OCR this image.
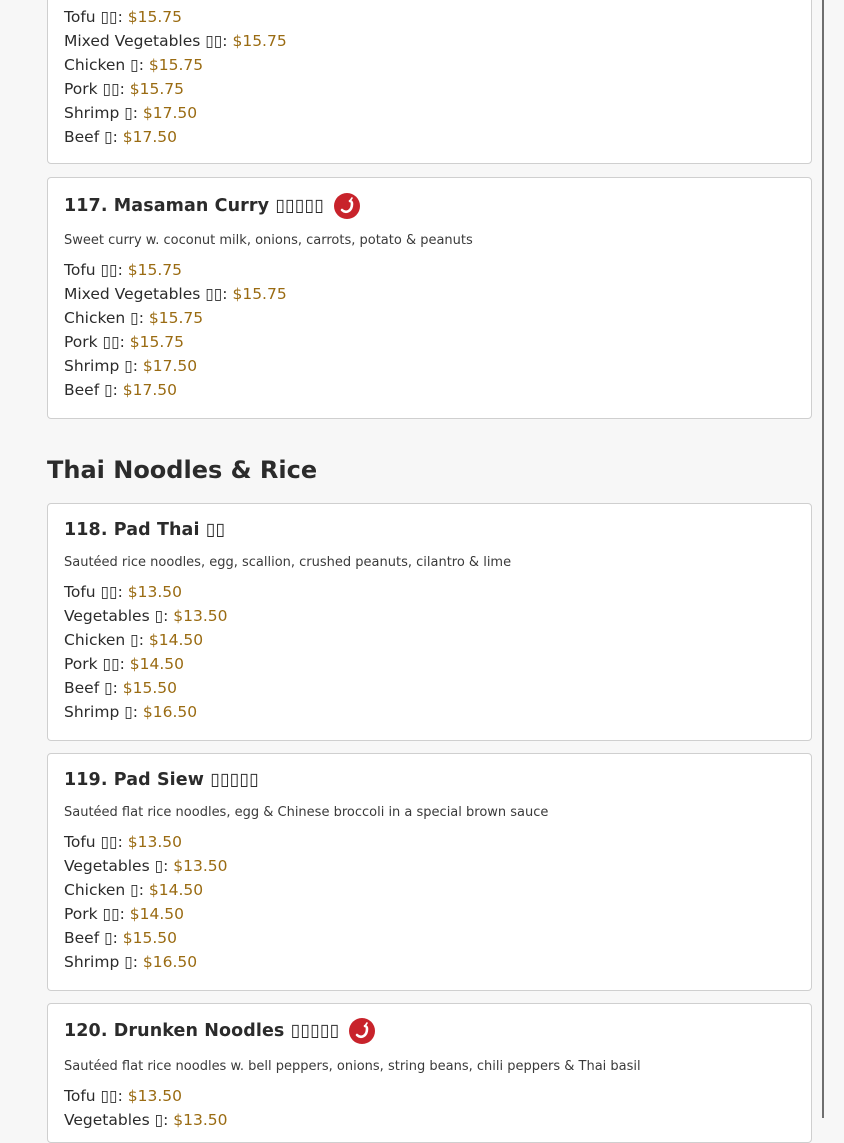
Tofu ▯▯: $15.75
Mixed Vegetables ▯▯: $15.75
Chicken ▯: $15.75
Pork ▯▯: $15.75
Shrimp ▯: $17.50
Beef ▯: $17.50
117.
Masaman Curry
▯▯▯▯▯
Sweet curry w. coconut milk, onions, carrots, potato & peanuts
Tofu ▯▯: $15.75
Mixed Vegetables ▯▯: $15.75
Chicken ▯: $15.75
Pork ▯▯: $15.75
Shrimp ▯: $17.50
Beef ▯: $17.50
Thai Noodles & Rice
118.
Pad Thai
▯▯
Sautéed rice noodles, egg, scallion, crushed peanuts, cilantro & lime
Tofu ▯▯: $13.50
Vegetables ▯: $13.50
Chicken ▯: $14.50
Pork ▯▯: $14.50
Beef ▯: $15.50
Shrimp ▯: $16.50
119.
Pad Siew
▯▯▯▯▯
Sautéed flat rice noodles, egg & Chinese broccoli in a special brown sauce
Tofu ▯▯: $13.50
Vegetables ▯: $13.50
Chicken ▯: $14.50
Pork ▯▯: $14.50
Beef ▯: $15.50
Shrimp ▯: $16.50
120.
Drunken Noodles
▯▯▯▯▯
Sautéed flat rice noodles w. bell peppers, onions, string beans, chili peppers & Thai basil
Tofu ▯▯: $13.50
Vegetables ▯: $13.50
